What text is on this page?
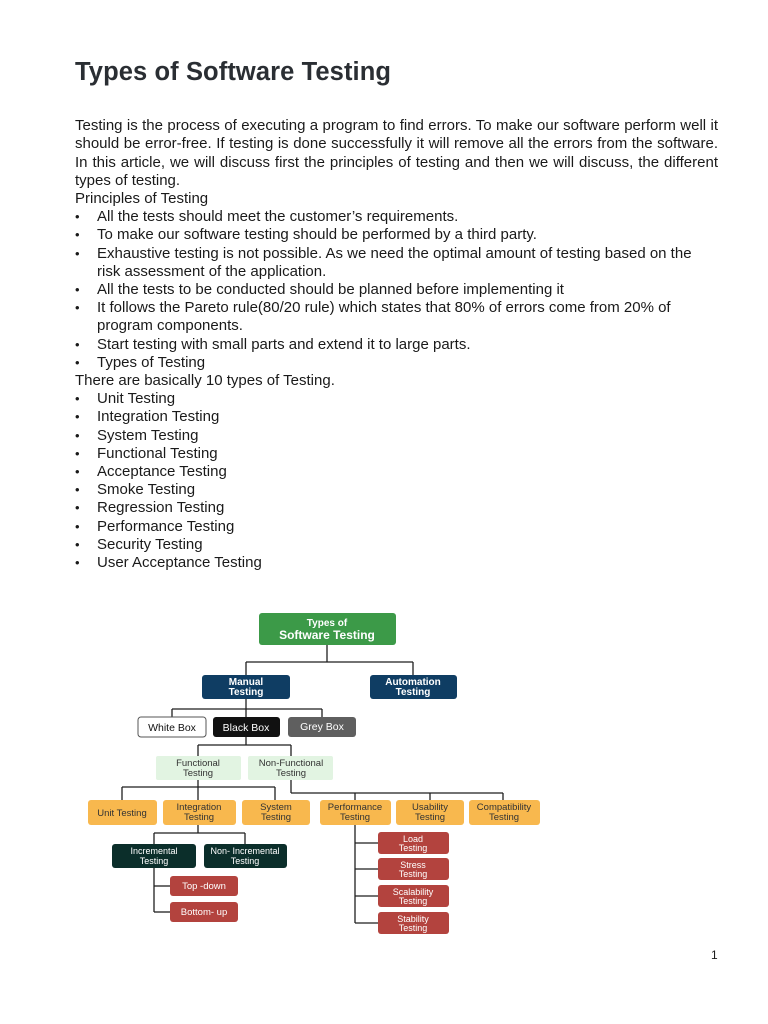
Types of Software Testing

Testing is the process of executing a program to find errors. To make our software perform well it should be error-free. If testing is done successfully it will remove all the errors from the software. In this article, we will discuss first the principles of testing and then we will discuss, the different types of testing.

Principles of Testing

• All the tests should meet the customer’s requirements.
• To make our software testing should be performed by a third party.
• Exhaustive testing is not possible. As we need the optimal amount of testing based on the risk assessment of the application.
• All the tests to be conducted should be planned before implementing it
• It follows the Pareto rule(80/20 rule) which states that 80% of errors come from 20% of program components.
• Start testing with small parts and extend it to large parts.
• Types of Testing

There are basically 10 types of Testing.

• Unit Testing
• Integration Testing
• System Testing
• Functional Testing
• Acceptance Testing
• Smoke Testing
• Regression Testing
• Performance Testing
• Security Testing
• User Acceptance Testing
Types of
Software Testing
Manual
Testing
Automation
Testing
White Box	Black Box	Grey Box
Functional
Testing
Non-Functional
Testing
Unit Testing
Integration
Testing
System
Testing
Performance
Testing
Usability
Testing
Compatibility
Testing
Incremental
Testing
Non- Incremental
Testing
Top -down
Bottom- up
Load
Testing
Stress
Testing
Scalability
Testing
Stability
Testing
1
